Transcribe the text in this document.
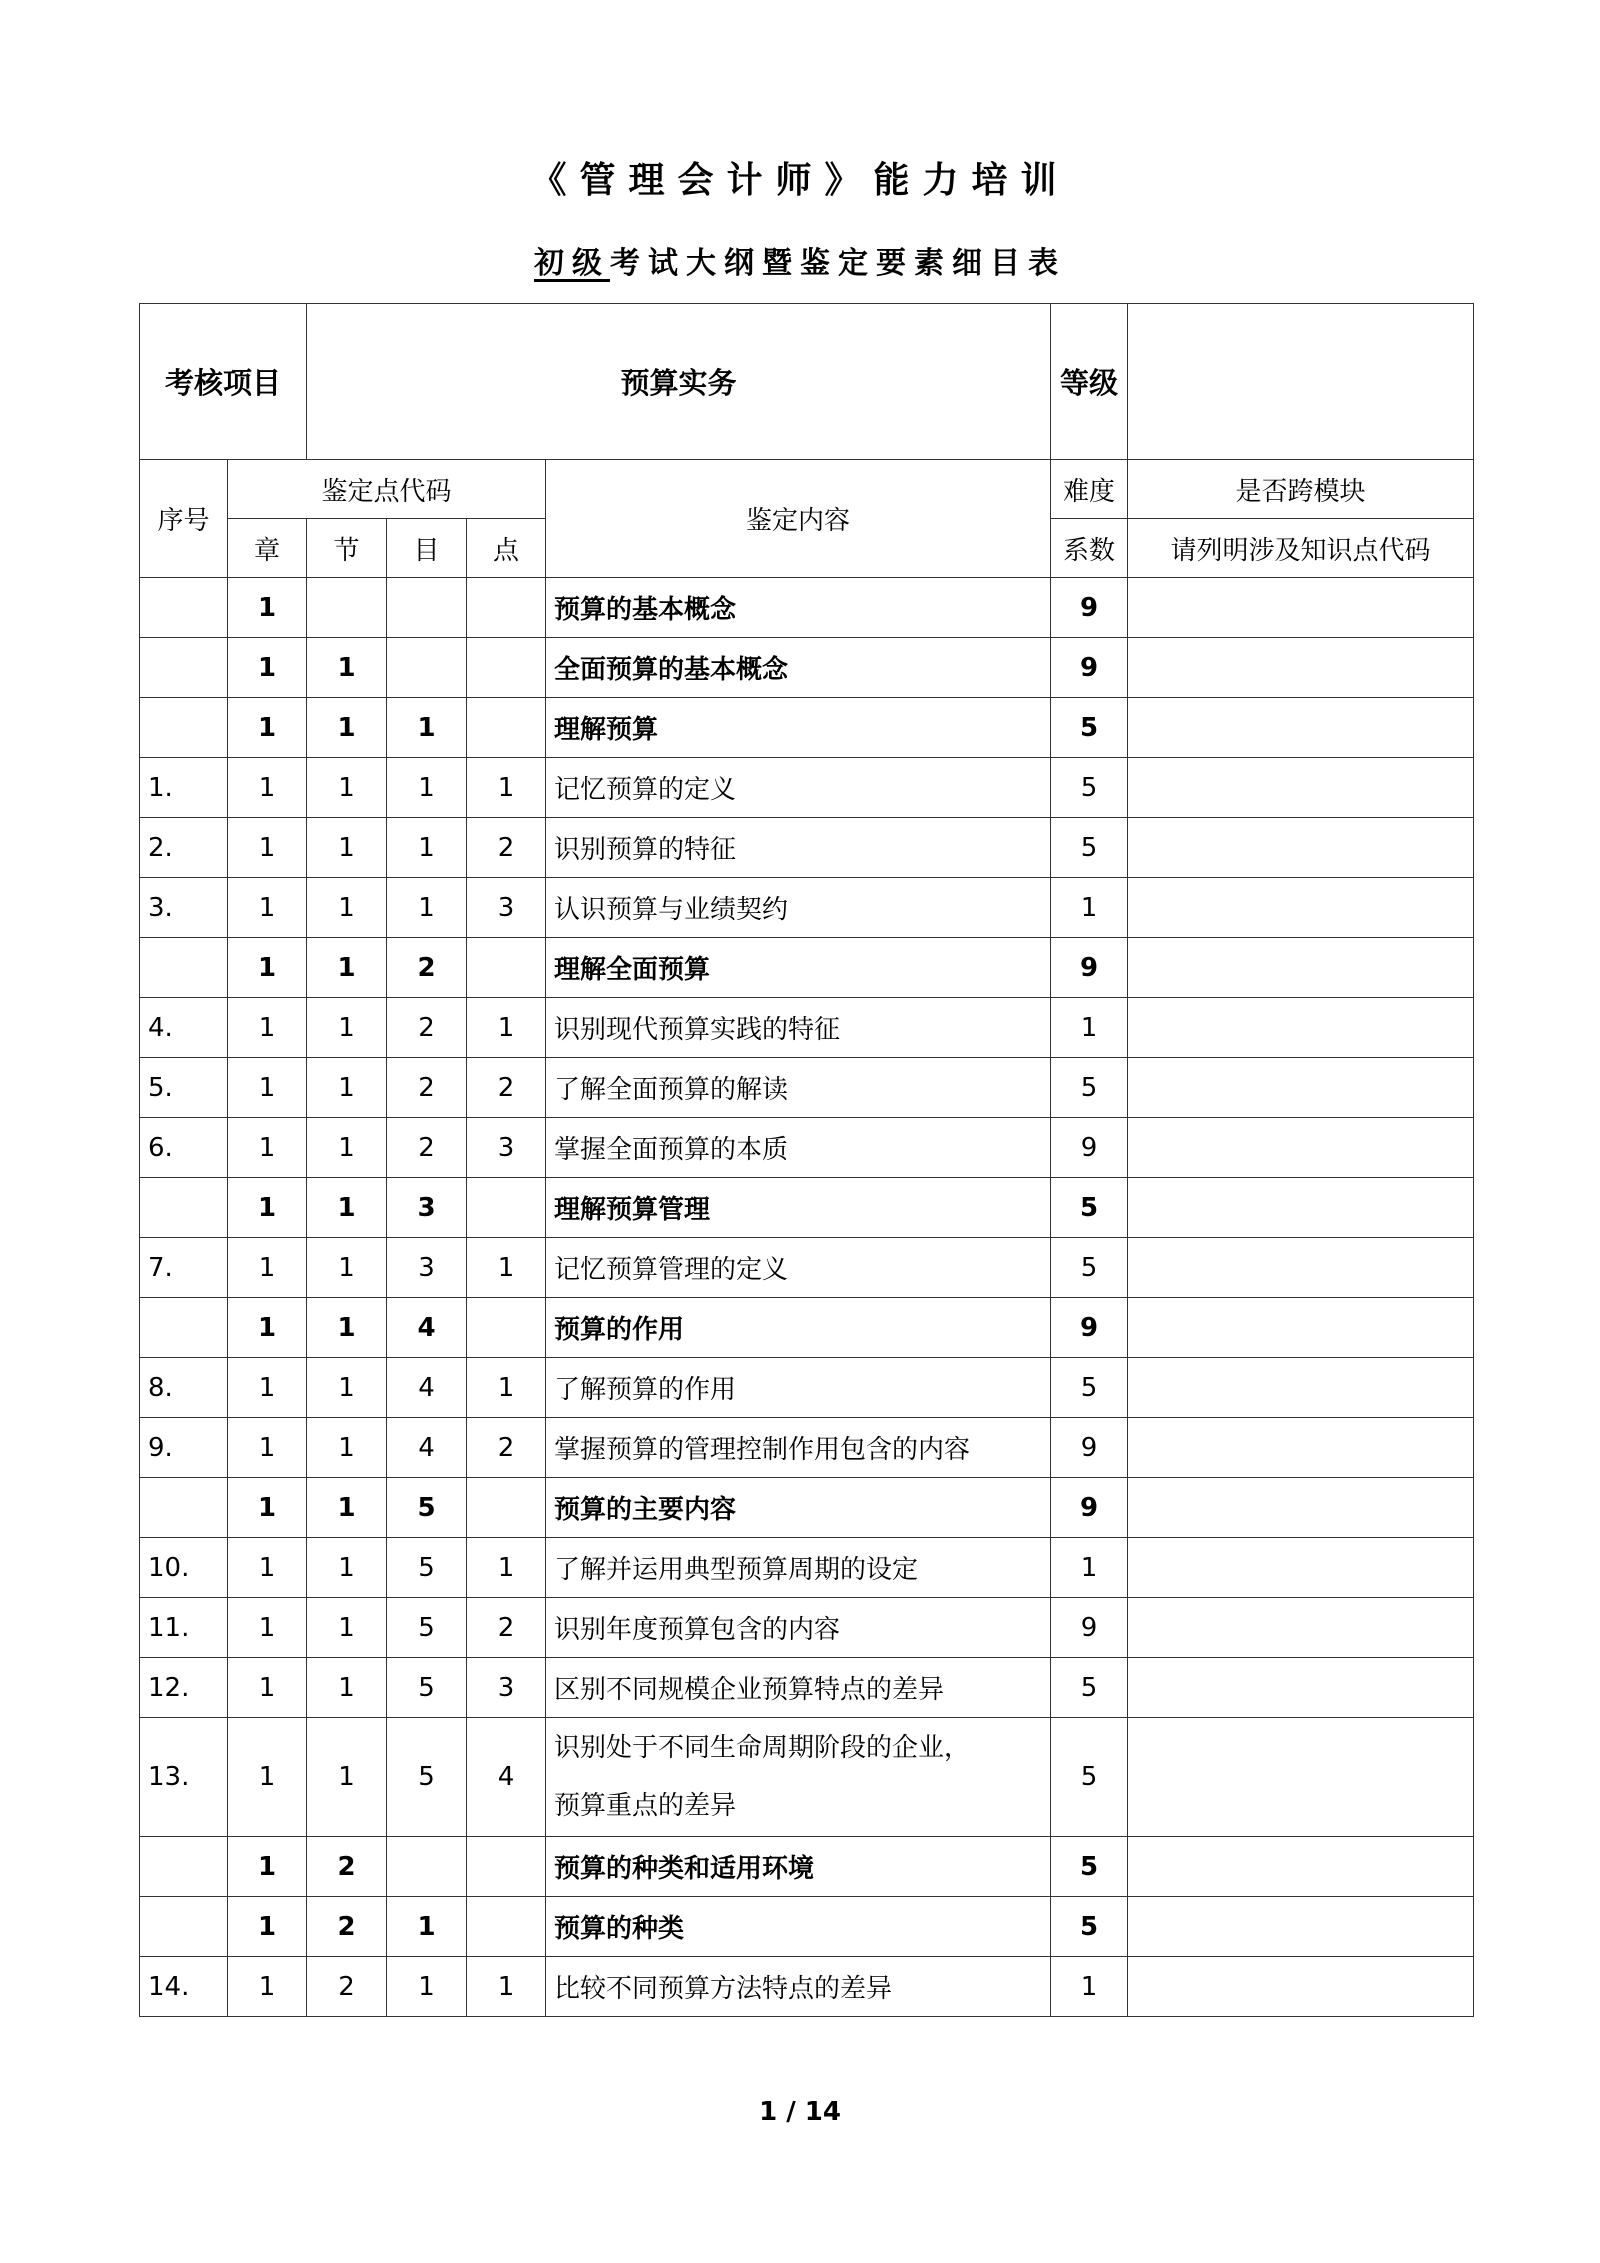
《管理会计师》能力培训
初级考试大纲暨鉴定要素细目表
考核项目		预算实务				等级	
序号	鉴定点代码				鉴定内容	难度	是否跨模块
	章	节	目	点		系数	请列明涉及知识点代码
	1				预算的基本概念	9	
	1	1			全面预算的基本概念	9	
	1	1	1		理解预算	5	
1.	1	1	1	1	记忆预算的定义	5	
2.	1	1	1	2	识别预算的特征	5	
3.	1	1	1	3	认识预算与业绩契约	1	
	1	1	2		理解全面预算	9	
4.	1	1	2	1	识别现代预算实践的特征	1	
5.	1	1	2	2	了解全面预算的解读	5	
6.	1	1	2	3	掌握全面预算的本质	9	
	1	1	3		理解预算管理	5	
7.	1	1	3	1	记忆预算管理的定义	5	
	1	1	4		预算的作用	9	
8.	1	1	4	1	了解预算的作用	5	
9.	1	1	4	2	掌握预算的管理控制作用包含的内容	9	
	1	1	5		预算的主要内容	9	
10.	1	1	5	1	了解并运用典型预算周期的设定	1	
11.	1	1	5	2	识别年度预算包含的内容	9	
12.	1	1	5	3	区别不同规模企业预算特点的差异	5	
13.	1	1	5	4	识别处于不同生命周期阶段的企业，
预算重点的差异	5	
	1	2			预算的种类和适用环境	5	
	1	2	1		预算的种类	5	
14.	1	2	1	1	比较不同预算方法特点的差异	1	
1 / 14
